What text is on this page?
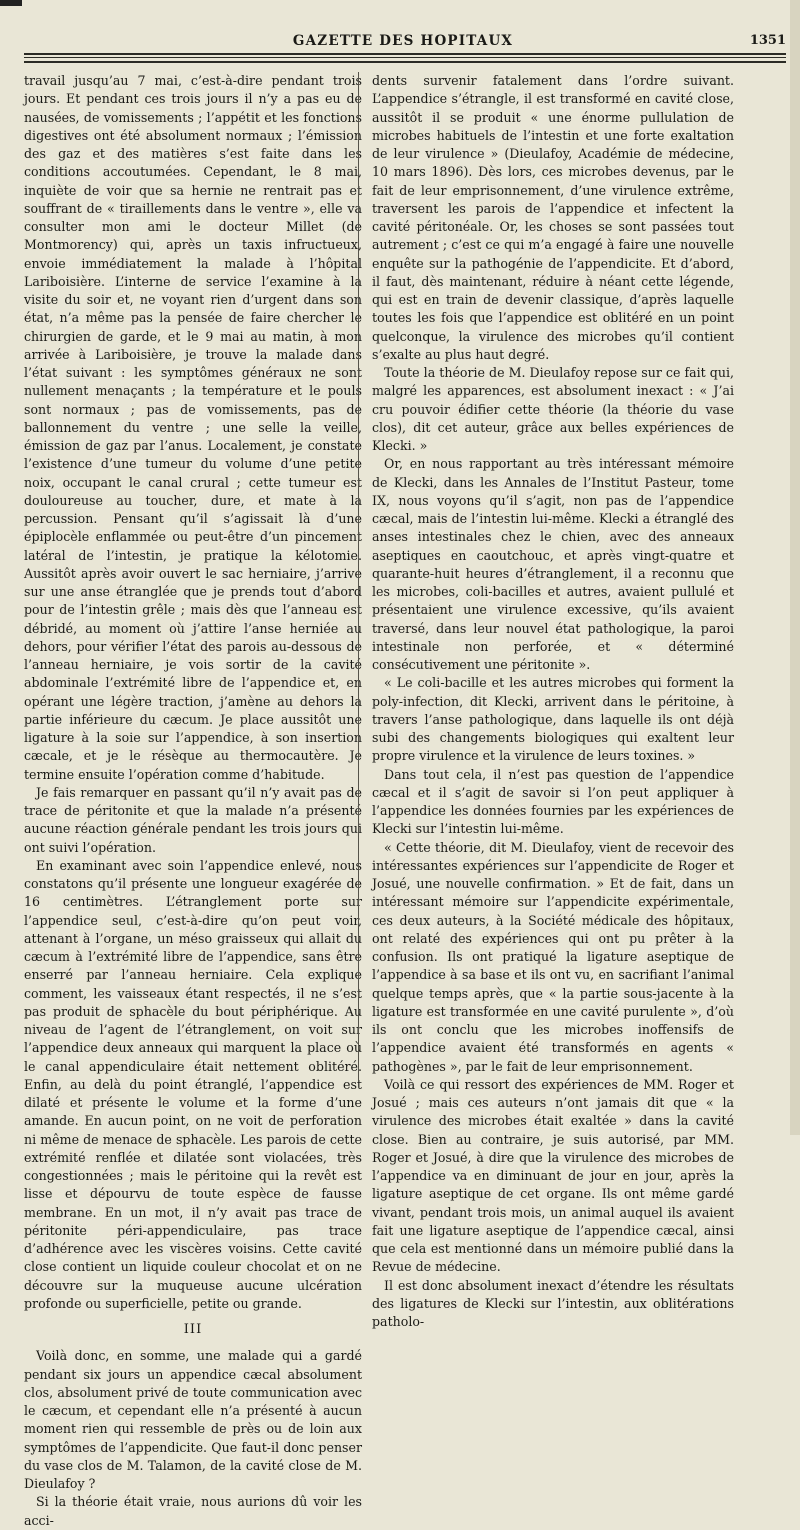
GAZETTE DES HOPITAUX	1351

travail jusqu’au 7 mai, c’est-à-dire pendant trois jours. Et pendant ces trois jours il n’y a pas eu de nausées, de vomissements ; l’appétit et les fonctions digestives ont été absolument normaux ; l’émission des gaz et des matières s’est faite dans les conditions accoutumées. Cependant, le 8 mai, inquiète de voir que sa hernie ne rentrait pas et souffrant de « tiraillements dans le ventre », elle va consulter mon ami le docteur Millet (de Montmorency) qui, après un taxis infructueux, envoie immédiatement la malade à l’hôpital Lariboisière. L’interne de service l’examine à la visite du soir et, ne voyant rien d’urgent dans son état, n’a même pas la pensée de faire chercher le chirurgien de garde, et le 9 mai au matin, à mon arrivée à Lariboisière, je trouve la malade dans l’état suivant : les symptômes généraux ne sont nullement menaçants ; la température et le pouls sont normaux ; pas de vomissements, pas de ballonnement du ventre ; une selle la veille, émission de gaz par l’anus. Localement, je constate l’existence d’une tumeur du volume d’une petite noix, occupant le canal crural ; cette tumeur est douloureuse au toucher, dure, et mate à la percussion. Pensant qu’il s’agissait là d’une épiplocèle enflammée ou peut-être d’un pincement latéral de l’intestin, je pratique la kélotomie. Aussitôt après avoir ouvert le sac herniaire, j’arrive sur une anse étranglée que je prends tout d’abord pour de l’intestin grêle ; mais dès que l’anneau est débridé, au moment où j’attire l’anse herniée au dehors, pour vérifier l’état des parois au-dessous de l’anneau herniaire, je vois sortir de la cavité abdominale l’extrémité libre de l’appendice et, en opérant une légère traction, j’amène au dehors la partie inférieure du cæcum. Je place aussitôt une ligature à la soie sur l’appendice, à son insertion cæcale, et je le résèque au thermocautère. Je termine ensuite l’opération comme d’habitude.

Je fais remarquer en passant qu’il n’y avait pas de trace de péritonite et que la malade n’a présenté aucune réaction générale pendant les trois jours qui ont suivi l’opération.

En examinant avec soin l’appendice enlevé, nous constatons qu’il présente une longueur exagérée de 16 centimètres. L’étranglement porte sur l’appendice seul, c’est-à-dire qu’on peut voir, attenant à l’organe, un méso graisseux qui allait du cæcum à l’extrémité libre de l’appendice, sans être enserré par l’anneau herniaire. Cela explique comment, les vaisseaux étant respectés, il ne s’est pas produit de sphacèle du bout périphérique. Au niveau de l’agent de l’étranglement, on voit sur l’appendice deux anneaux qui marquent la place où le canal appendiculaire était nettement oblitéré. Enfin, au delà du point étranglé, l’appendice est dilaté et présente le volume et la forme d’une amande. En aucun point, on ne voit de perforation ni même de menace de sphacèle. Les parois de cette extrémité renflée et dilatée sont violacées, très congestionnées ; mais le péritoine qui la revêt est lisse et dépourvu de toute espèce de fausse membrane. En un mot, il n’y avait pas trace de péritonite péri-appendiculaire, pas trace d’adhérence avec les viscères voisins. Cette cavité close contient un liquide couleur chocolat et on ne découvre sur la muqueuse aucune ulcération profonde ou superficielle, petite ou grande.

III

Voilà donc, en somme, une malade qui a gardé pendant six jours un appendice cæcal absolument clos, absolument privé de toute communication avec le cæcum, et cependant elle n’a présenté à aucun moment rien qui ressemble de près ou de loin aux symptômes de l’appendicite. Que faut-il donc penser du vase clos de M. Talamon, de la cavité close de M. Dieulafoy ?

Si la théorie était vraie, nous aurions dû voir les acci-

dents survenir fatalement dans l’ordre suivant. L’appendice s’étrangle, il est transformé en cavité close, aussitôt il se produit « une énorme pullulation de microbes habituels de l’intestin et une forte exaltation de leur virulence » (Dieulafoy, Académie de médecine, 10 mars 1896). Dès lors, ces microbes devenus, par le fait de leur emprisonnement, d’une virulence extrême, traversent les parois de l’appendice et infectent la cavité péritonéale. Or, les choses se sont passées tout autrement ; c’est ce qui m’a engagé à faire une nouvelle enquête sur la pathogénie de l’appendicite. Et d’abord, il faut, dès maintenant, réduire à néant cette légende, qui est en train de devenir classique, d’après laquelle toutes les fois que l’appendice est oblitéré en un point quelconque, la virulence des microbes qu’il contient s’exalte au plus haut degré.

Toute la théorie de M. Dieulafoy repose sur ce fait qui, malgré les apparences, est absolument inexact : « J’ai cru pouvoir édifier cette théorie (la théorie du vase clos), dit cet auteur, grâce aux belles expériences de Klecki. »

Or, en nous rapportant au très intéressant mémoire de Klecki, dans les Annales de l’Institut Pasteur, tome IX, nous voyons qu’il s’agit, non pas de l’appendice cæcal, mais de l’intestin lui-même. Klecki a étranglé des anses intestinales chez le chien, avec des anneaux aseptiques en caoutchouc, et après vingt-quatre et quarante-huit heures d’étranglement, il a reconnu que les microbes, coli-bacilles et autres, avaient pullulé et présentaient une virulence excessive, qu’ils avaient traversé, dans leur nouvel état pathologique, la paroi intestinale non perforée, et « déterminé consécutivement une péritonite ».

« Le coli-bacille et les autres microbes qui forment la poly-infection, dit Klecki, arrivent dans le péritoine, à travers l’anse pathologique, dans laquelle ils ont déjà subi des changements biologiques qui exaltent leur propre virulence et la virulence de leurs toxines. »

Dans tout cela, il n’est pas question de l’appendice cæcal et il s’agit de savoir si l’on peut appliquer à l’appendice les données fournies par les expériences de Klecki sur l’intestin lui-même.

« Cette théorie, dit M. Dieulafoy, vient de recevoir des intéressantes expériences sur l’appendicite de Roger et Josué, une nouvelle confirmation. » Et de fait, dans un intéressant mémoire sur l’appendicite expérimentale, ces deux auteurs, à la Société médicale des hôpitaux, ont relaté des expériences qui ont pu prêter à la confusion. Ils ont pratiqué la ligature aseptique de l’appendice à sa base et ils ont vu, en sacrifiant l’animal quelque temps après, que « la partie sous-jacente à la ligature est transformée en une cavité purulente », d’où ils ont conclu que les microbes inoffensifs de l’appendice avaient été transformés en agents « pathogènes », par le fait de leur emprisonnement.

Voilà ce qui ressort des expériences de MM. Roger et Josué ; mais ces auteurs n’ont jamais dit que « la virulence des microbes était exaltée » dans la cavité close. Bien au contraire, je suis autorisé, par MM. Roger et Josué, à dire que la virulence des microbes de l’appendice va en diminuant de jour en jour, après la ligature aseptique de cet organe. Ils ont même gardé vivant, pendant trois mois, un animal auquel ils avaient fait une ligature aseptique de l’appendice cæcal, ainsi que cela est mentionné dans un mémoire publié dans la Revue de médecine.

Il est donc absolument inexact d’étendre les résultats des ligatures de Klecki sur l’intestin, aux oblitérations patholo-
